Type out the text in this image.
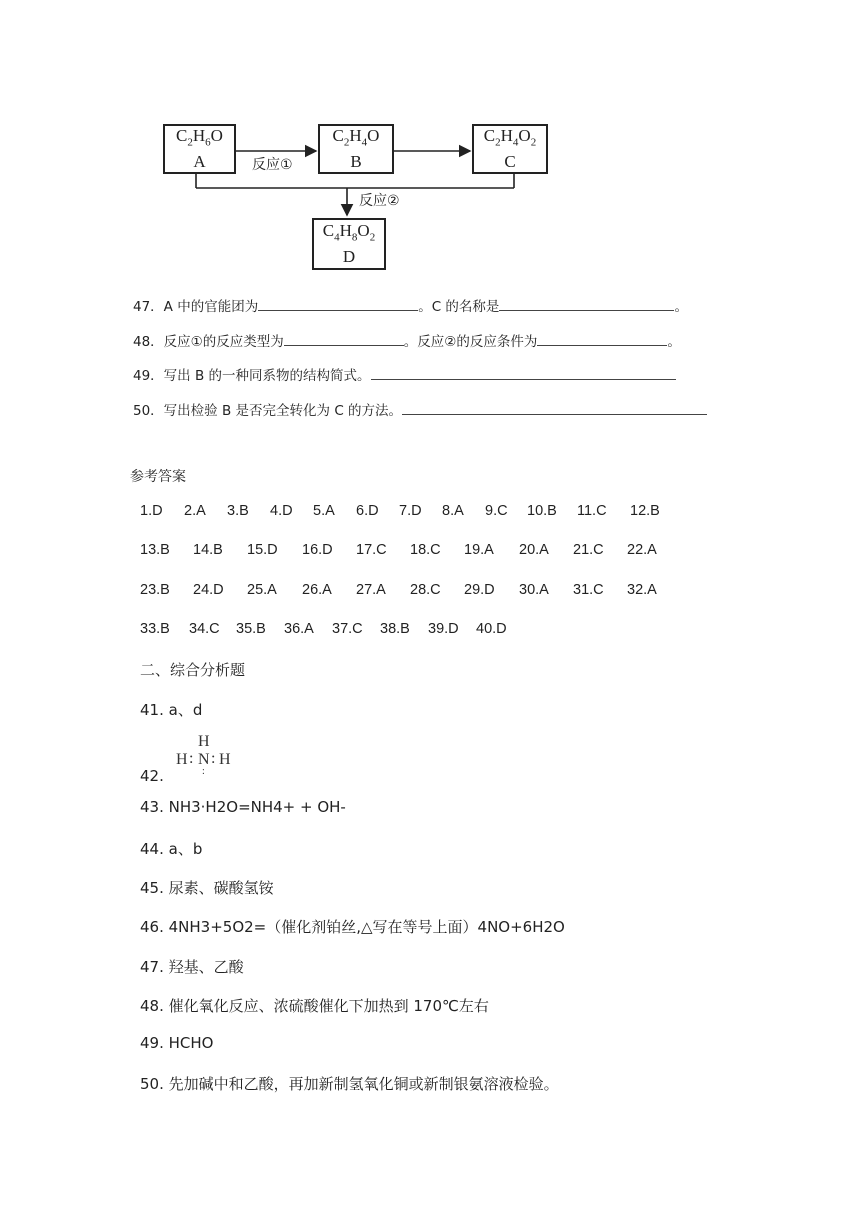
$C_2H_6O$
A
$C_2H_4O$
B
$C_2H_4O_2$
C
$C_4H_8O_2$
D
反应①
反应②
47．A 中的官能团为	。C 的名称是	。
48．反应①的反应类型为	。反应②的反应条件为	。
49．写出 B 的一种同系物的结构简式。
50．写出检验 B 是否完全转化为 C 的方法。
参考答案
1.D 2.A 3.B 4.D 5.A 6.D 7.D 8.A 9.C 10.B 11.C 12.B
13.B 14.B 15.D 16.D 17.C 18.C 19.A 20.A 21.C 22.A
23.B 24.D 25.A 26.A 27.A 28.C 29.D 30.A 31.C 32.A
33.B 34.C 35.B 36.A 37.C 38.B 39.D 40.D
二、综合分析题
41. a、d
42.
H
H : N : H
:
43. NH3·H2O=NH4+ + OH-
44. a、b
45. 尿素、碳酸氢铵
46. 4NH3+5O2=（催化剂铂丝,△写在等号上面）4NO+6H2O
47. 羟基、乙酸
48. 催化氧化反应、浓硫酸催化下加热到 170℃左右
49. HCHO
50. 先加碱中和乙酸，再加新制氢氧化铜或新制银氨溶液检验。
